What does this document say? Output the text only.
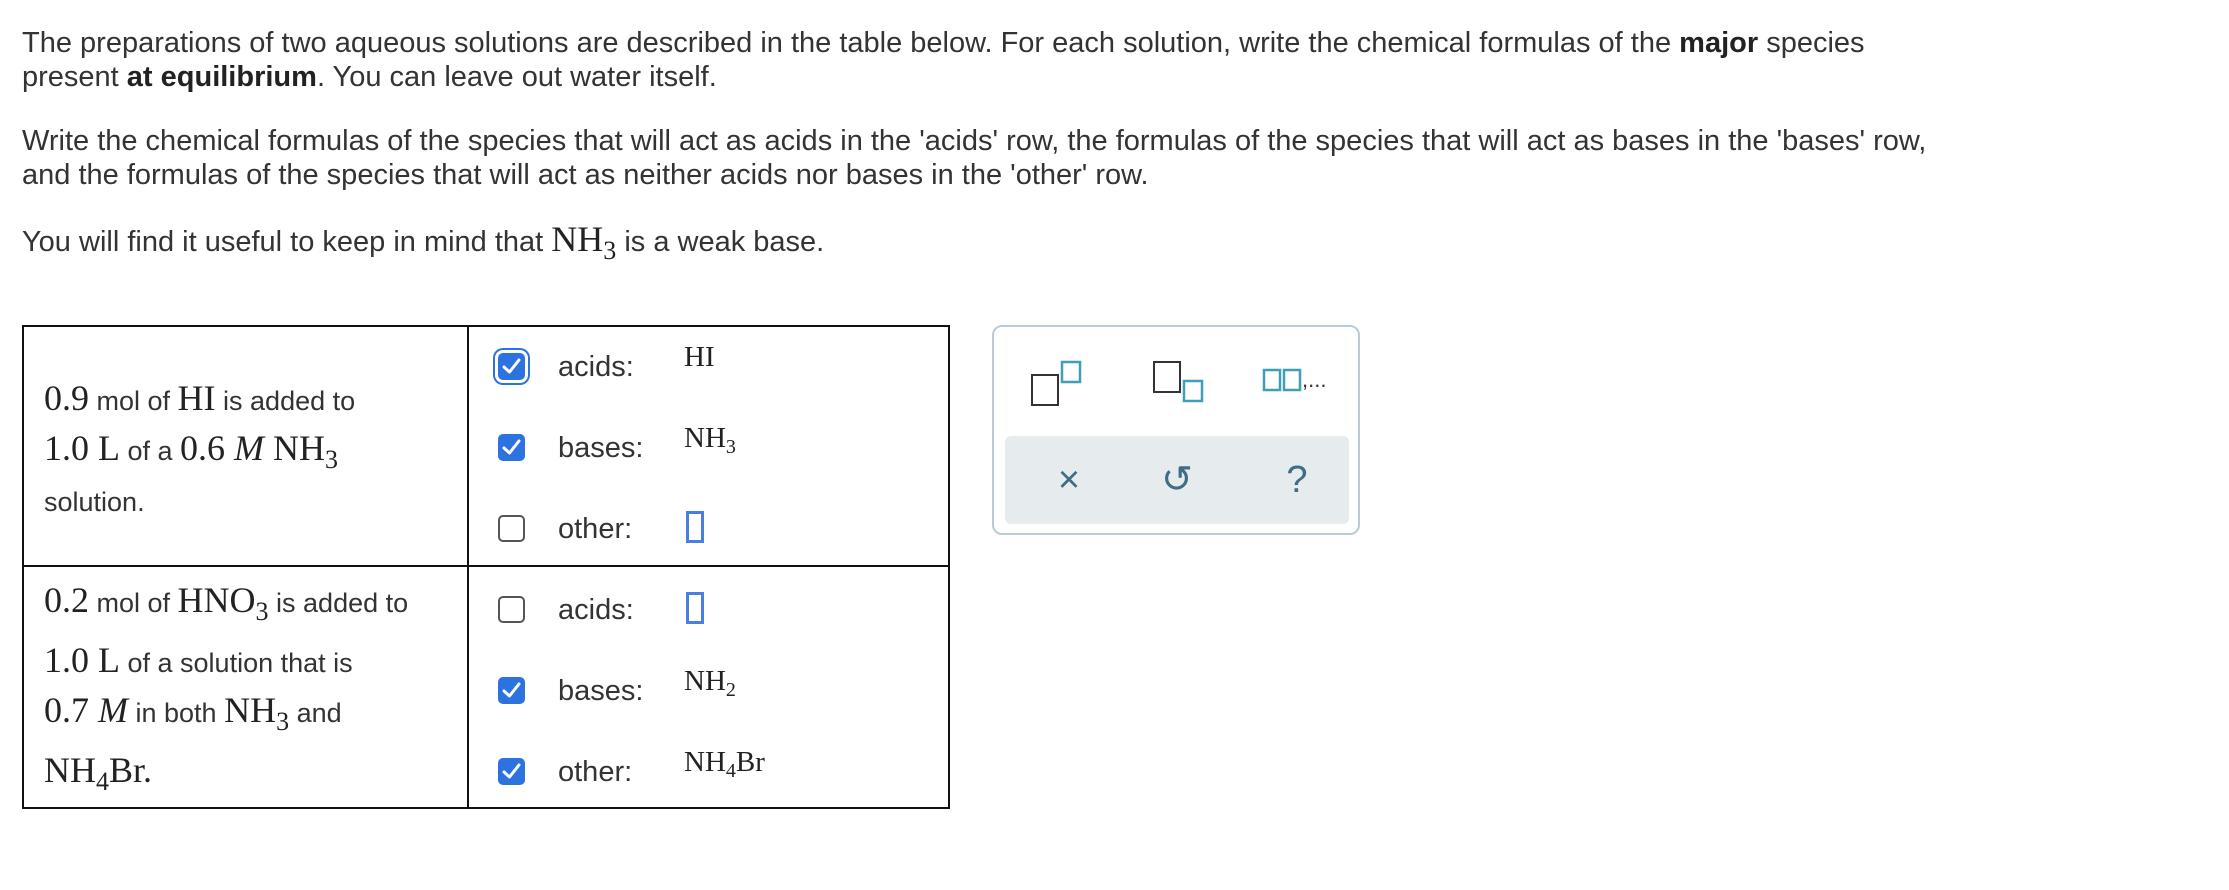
The preparations of two aqueous solutions are described in the table below. For each solution, write the chemical formulas of the major species
present at equilibrium. You can leave out water itself.

Write the chemical formulas of the species that will act as acids in the 'acids' row, the formulas of the species that will act as bases in the 'bases' row,
and the formulas of the species that will act as neither acids nor bases in the 'other' row.

You will find it useful to keep in mind that $NH_3$ is a weak base.

0.9 mol of HI is added to
1.0 L of a 0.6 M $NH_3$
solution.
acids: HI
bases: $NH_3$
other:
0.2 mol of $HNO_3$ is added to
1.0 L of a solution that is
0.7 M in both $NH_3$ and
$NH_4Br$.
acids:
bases: $NH_2$
other: $NH_4Br$
,...
× ↺	?
